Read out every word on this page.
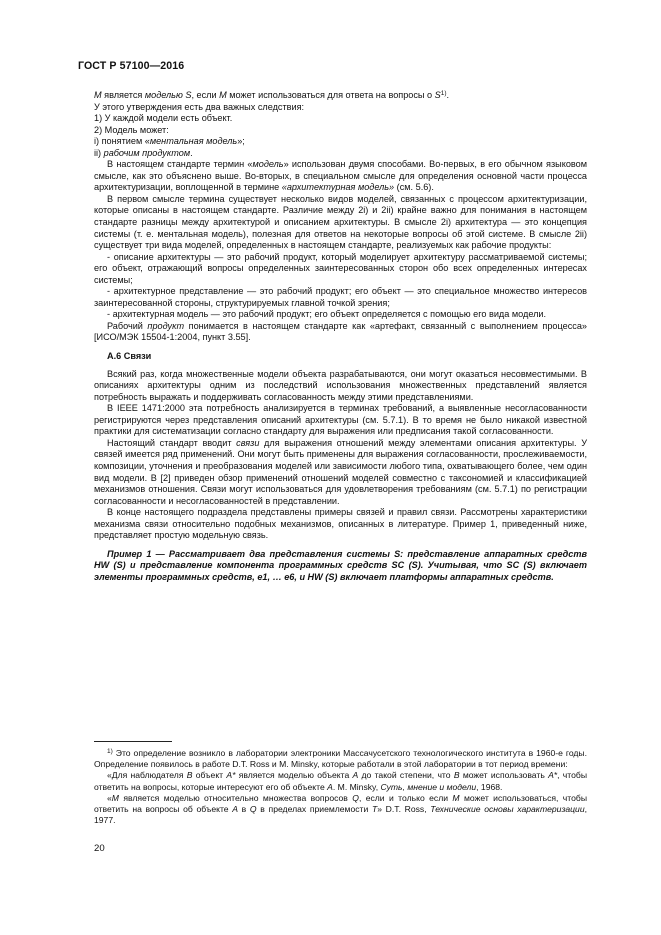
ГОСТ Р 57100—2016

M является моделью S, если M может использоваться для ответа на вопросы о $S^{1)}$.

У этого утверждения есть два важных следствия:

1) У каждой модели есть объект.

2) Модель может:

i) понятием «ментальная модель»;

ii) рабочим продуктом.

В настоящем стандарте термин «модель» использован двумя способами. Во-первых, в его обычном языковом смысле, как это объяснено выше. Во-вторых, в специальном смысле для определения основной части процесса архитектуризации, воплощенной в термине «архитектурная модель» (см. 5.6).

В первом смысле термина существует несколько видов моделей, связанных с процессом архитектуризации, которые описаны в настоящем стандарте. Различие между 2i) и 2ii) крайне важно для понимания в настоящем стандарте разницы между архитектурой и описанием архитектуры. В смысле 2i) архитектура — это концепция системы (т. е. ментальная модель), полезная для ответов на некоторые вопросы об этой системе. В смысле 2ii) существует три вида моделей, определенных в настоящем стандарте, реализуемых как рабочие продукты:

- описание архитектуры — это рабочий продукт, который моделирует архитектуру рассматриваемой системы; его объект, отражающий вопросы определенных заинтересованных сторон обо всех определенных интересах системы;

- архитектурное представление — это рабочий продукт; его объект — это специальное множество интересов заинтересованной стороны, структурируемых главной точкой зрения;

- архитектурная модель — это рабочий продукт; его объект определяется с помощью его вида модели.

Рабочий продукт понимается в настоящем стандарте как «артефакт, связанный с выполнением процесса» [ИСО/МЭК 15504-1:2004, пункт 3.55].

А.6 Связи

Всякий раз, когда множественные модели объекта разрабатываются, они могут оказаться несовместимыми. В описаниях архитектуры одним из последствий использования множественных представлений является потребность выражать и поддерживать согласованность между этими представлениями.

В IEEE 1471:2000 эта потребность анализируется в терминах требований, а выявленные несогласованности регистрируются через представления описаний архитектуры (см. 5.7.1). В то время не было никакой известной практики для систематизации согласно стандарту для выражения или предписания такой согласованности.

Настоящий стандарт вводит связи для выражения отношений между элементами описания архитектуры. У связей имеется ряд применений. Они могут быть применены для выражения согласованности, прослеживаемости, композиции, уточнения и преобразования моделей или зависимости любого типа, охватывающего более, чем один вид модели. В [2] приведен обзор применений отношений моделей совместно с таксономией и классификацией механизмов отношения. Связи могут использоваться для удовлетворения требованиям (см. 5.7.1) по регистрации согласованности и несогласованностей в представлении.

В конце настоящего подраздела представлены примеры связей и правил связи. Рассмотрены характеристики механизма связи относительно подобных механизмов, описанных в литературе. Пример 1, приведенный ниже, представляет простую модельную связь.

Пример 1 — Рассматривает два представления системы S: представление аппаратных средств HW (S) и представление компонента программных средств SC (S). Учитывая, что SC (S) включает элементы программных средств, е1, … е6, и HW (S) включает платформы аппаратных средств.

$^{1)}$ Это определение возникло в лаборатории электроники Массачусетского технологического института в 1960-е годы. Определение появилось в работе D.T. Ross и M. Minsky, которые работали в этой лаборатории в тот период времени:

«Для наблюдателя B объект A* является моделью объекта A до такой степени, что B может использовать A*, чтобы ответить на вопросы, которые интересуют его об объекте A. M. Minsky, Суть, мнение и модели, 1968.

«M является моделью относительно множества вопросов Q, если и только если M может использоваться, чтобы ответить на вопросы об объекте A в Q в пределах приемлемости T» D.T. Ross, Технические основы характеризации, 1977.

20
